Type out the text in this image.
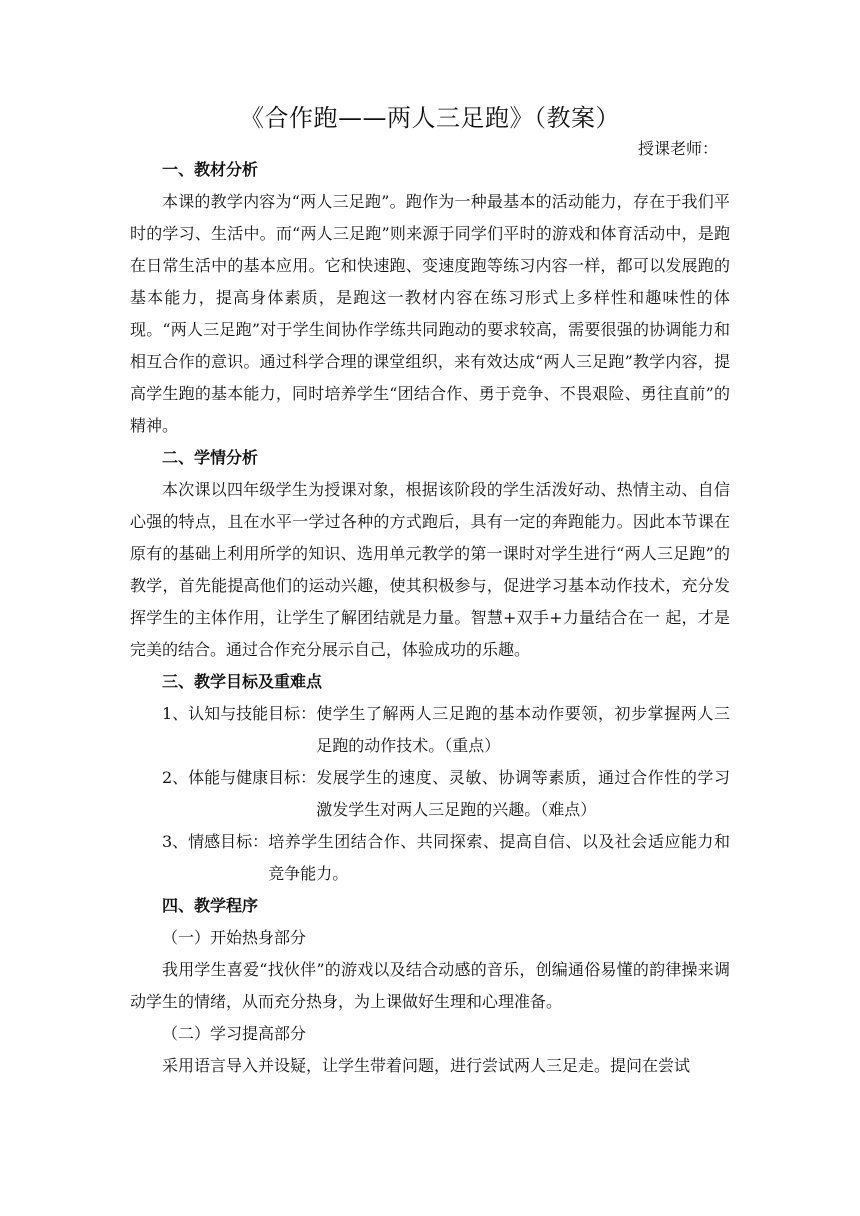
《合作跑——两人三足跑》（教案）
授课老师：
一、教材分析
本课的教学内容为“两人三足跑”。跑作为一种最基本的活动能力，存在于我们平时的学习、生活中。而“两人三足跑”则来源于同学们平时的游戏和体育活动中，是跑在日常生活中的基本应用。它和快速跑、变速度跑等练习内容一样，都可以发展跑的基本能力，提高身体素质，是跑这一教材内容在练习形式上多样性和趣味性的体现。“两人三足跑”对于学生间协作学练共同跑动的要求较高，需要很强的协调能力和相互合作的意识。通过科学合理的课堂组织，来有效达成“两人三足跑”教学内容，提高学生跑的基本能力，同时培养学生“团结合作、勇于竞争、不畏艰险、勇往直前”的精神。
二、学情分析
本次课以四年级学生为授课对象，根据该阶段的学生活泼好动、热情主动、自信心强的特点，且在水平一学过各种的方式跑后，具有一定的奔跑能力。因此本节课在原有的基础上利用所学的知识、选用单元教学的第一课时对学生进行“两人三足跑”的教学，首先能提高他们的运动兴趣，使其积极参与，促进学习基本动作技术，充分发挥学生的主体作用，让学生了解团结就是力量。智慧+双手+力量结合在一 起，才是完美的结合。通过合作充分展示自己，体验成功的乐趣。
三、教学目标及重难点
1、认知与技能目标： 使学生了解两人三足跑的基本动作要领，初步掌握两人三足跑的动作技术。（重点）
2、体能与健康目标： 发展学生的速度、灵敏、协调等素质，通过合作性的学习激发学生对两人三足跑的兴趣。（难点）
3、情感目标： 培养学生团结合作、共同探索、提高自信、以及社会适应能力和竞争能力。
四、教学程序
（一）开始热身部分
我用学生喜爱“找伙伴”的游戏以及结合动感的音乐，创编通俗易懂的韵律操来调动学生的情绪，从而充分热身，为上课做好生理和心理准备。
（二）学习提高部分
采用语言导入并设疑，让学生带着问题，进行尝试两人三足走。提问在尝试
